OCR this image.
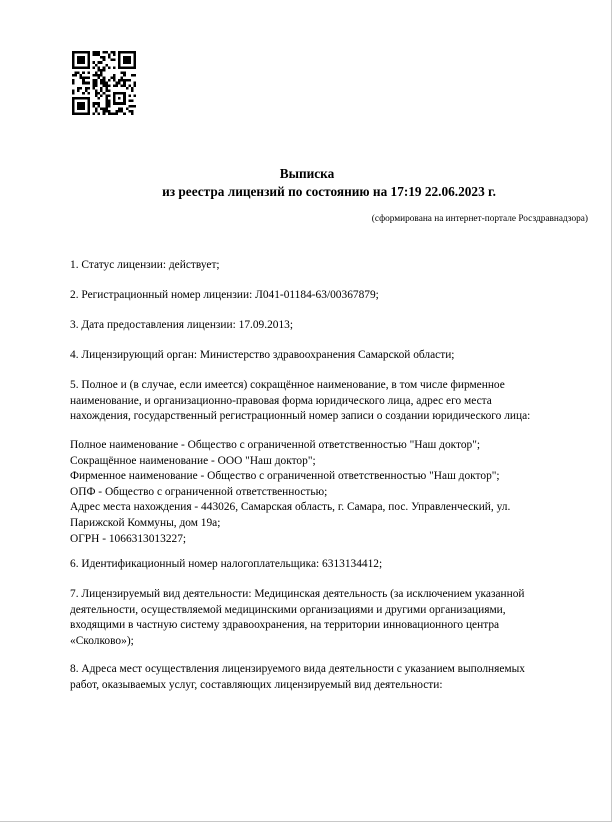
Выписка
из реестра лицензий по состоянию на 17:19 22.06.2023 г.
(сформирована на интернет-портале Росздравнадзора)
1. Статус лицензии: действует;
2. Регистрационный номер лицензии: Л041-01184-63/00367879;
3. Дата предоставления лицензии: 17.09.2013;
4. Лицензирующий орган: Министерство здравоохранения Самарской области;
5. Полное и (в случае, если имеется) сокращённое наименование, в том числе фирменное
наименование, и организационно-правовая форма юридического лица, адрес его места
нахождения, государственный регистрационный номер записи о создании юридического лица:
Полное наименование - Общество с ограниченной ответственностью "Наш доктор";
Сокращённое наименование - ООО "Наш доктор";
Фирменное наименование - Общество с ограниченной ответственностью "Наш доктор";
ОПФ - Общество с ограниченной ответственностью;
Адрес места нахождения - 443026, Самарская область, г. Самара, пос. Управленческий, ул.
Парижской Коммуны, дом 19а;
ОГРН - 1066313013227;
6. Идентификационный номер налогоплательщика: 6313134412;
7. Лицензируемый вид деятельности: Медицинская деятельность (за исключением указанной
деятельности, осуществляемой медицинскими организациями и другими организациями,
входящими в частную систему здравоохранения, на территории инновационного центра
«Сколково»);
8. Адреса мест осуществления лицензируемого вида деятельности с указанием выполняемых
работ, оказываемых услуг, составляющих лицензируемый вид деятельности:
